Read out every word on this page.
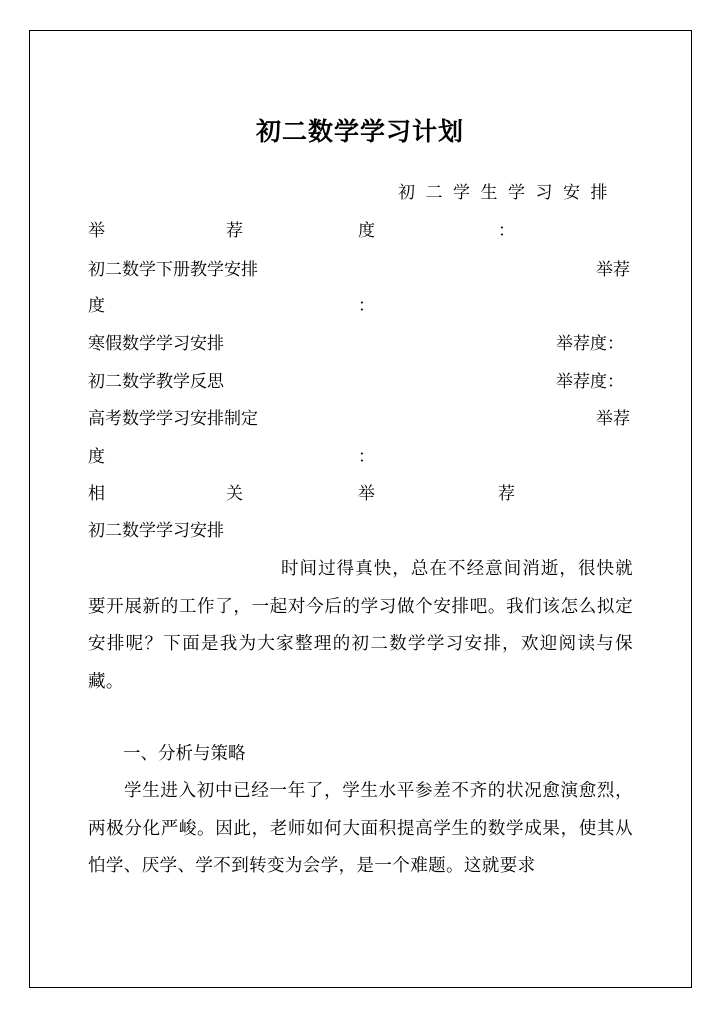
初二数学学习计划
初二学生学习安排
举	荐	度	：
初二数学下册教学安排	举荐
度	：
寒假数学学习安排	举荐度：
初二数学教学反思	举荐度：
高考数学学习安排制定	举荐
度	：
相	关	举	荐
初二数学学习安排
时间过得真快，总在不经意间消逝，很快就要开展新的工作了，一起对今后的学习做个安排吧。我们该怎么拟定安排呢？下面是我为大家整理的初二数学学习安排，欢迎阅读与保藏。
一、分析与策略
学生进入初中已经一年了，学生水平参差不齐的状况愈演愈烈，两极分化严峻。因此，老师如何大面积提高学生的数学成果，使其从怕学、厌学、学不到转变为会学，是一个难题。这就要求
